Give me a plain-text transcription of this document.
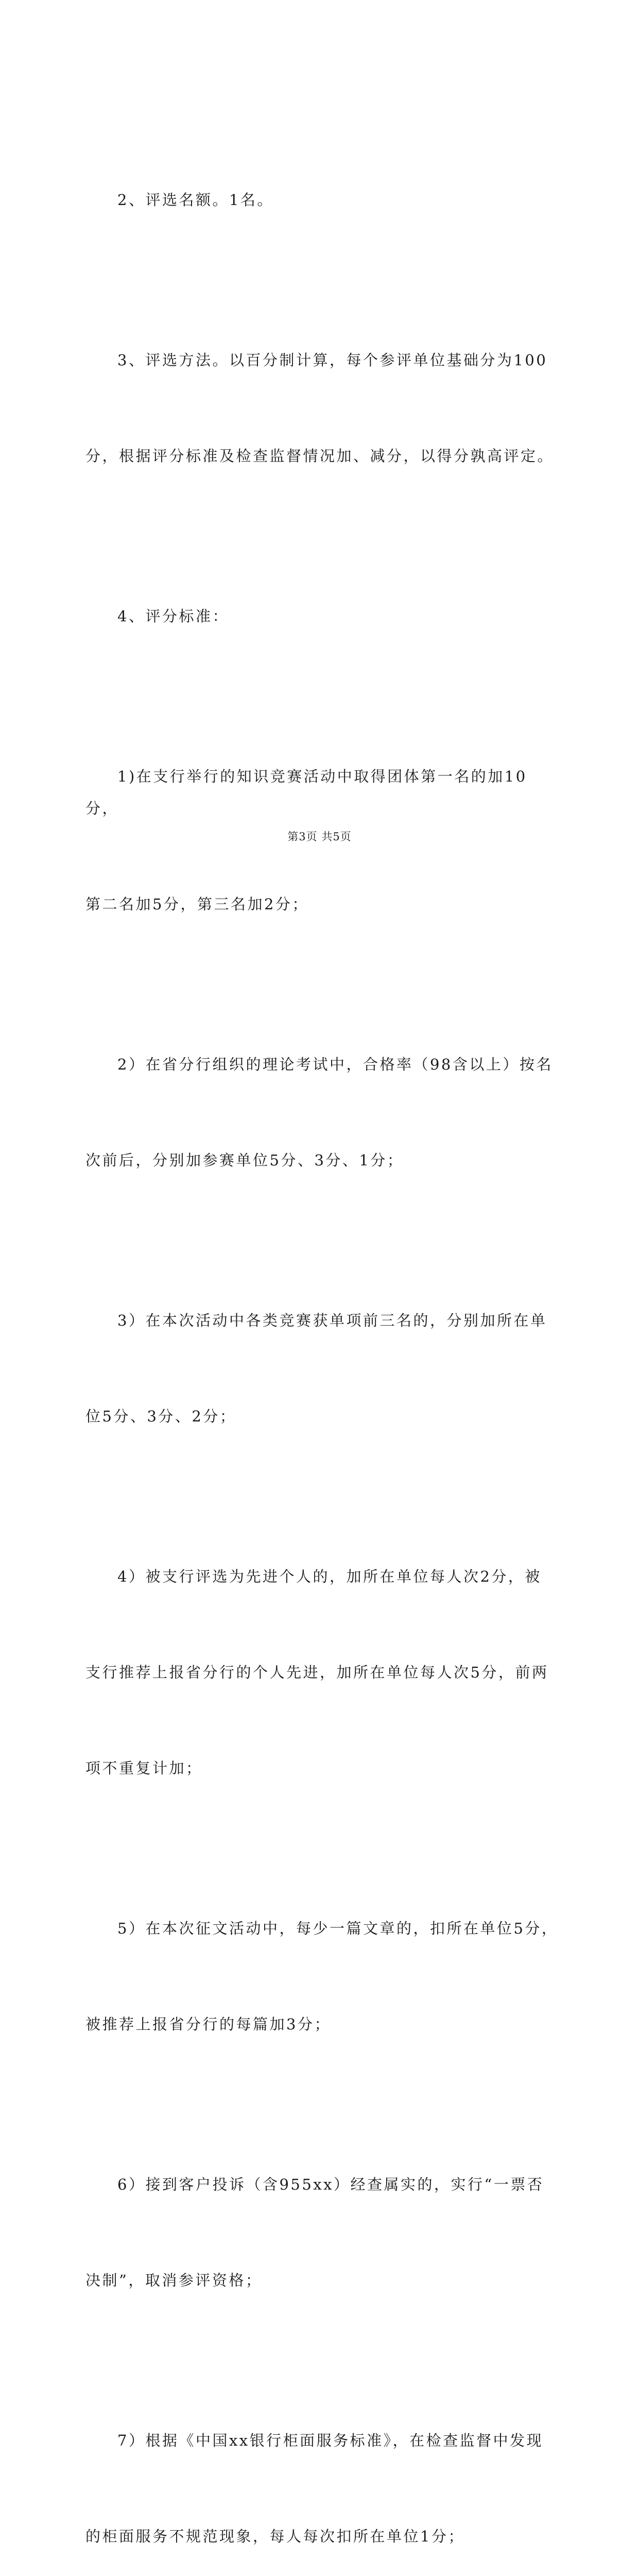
2、评选名额。1名。

3、评选方法。以百分制计算，每个参评单位基础分为100

分，根据评分标准及检查监督情况加、减分，以得分孰高评定。

4、评分标准：

1)在支行举行的知识竞赛活动中取得团体第一名的加10分，

第二名加5分，第三名加2分；

2）在省分行组织的理论考试中，合格率（98含以上）按名

次前后，分别加参赛单位5分、3分、1分；

3）在本次活动中各类竞赛获单项前三名的，分别加所在单

位5分、3分、2分；

4）被支行评选为先进个人的，加所在单位每人次2分，被

支行推荐上报省分行的个人先进，加所在单位每人次5分，前两

项不重复计加；

5）在本次征文活动中，每少一篇文章的，扣所在单位5分，

被推荐上报省分行的每篇加3分；

6）接到客户投诉（含955xx）经查属实的，实行“一票否

决制”，取消参评资格；

7）根据《中国xx银行柜面服务标准》，在检查监督中发现

的柜面服务不规范现象，每人每次扣所在单位1分；

第3页 共5页
